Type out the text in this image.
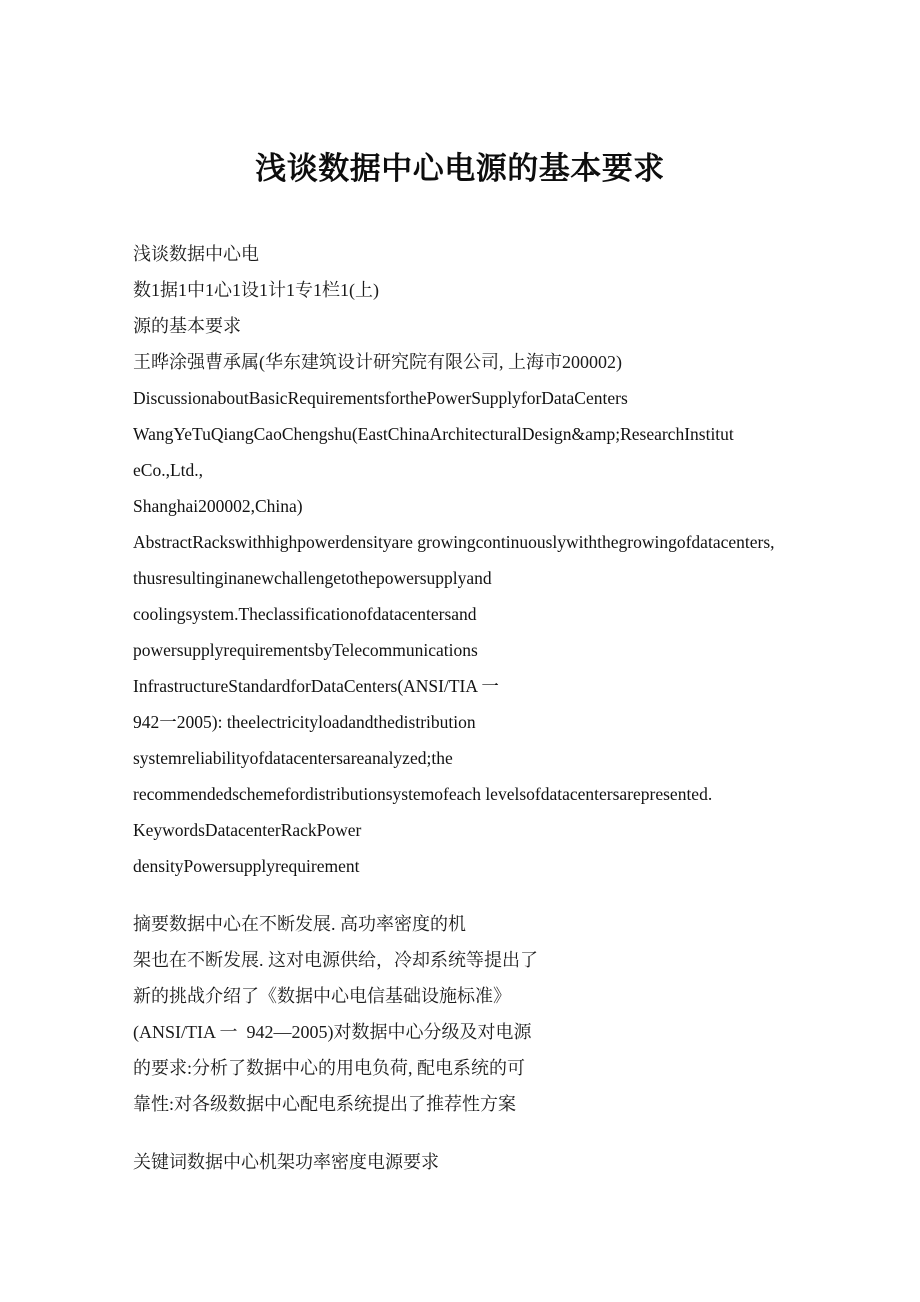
浅谈数据中心电源的基本要求
浅谈数据中心电
数1据1中1心1设1计1专1栏1(上)
源的基本要求
王晔涂强曹承属(华东建筑设计研究院有限公司, 上海市200002)
DiscussionaboutBasicRequirementsforthePowerSupplyforDataCenters
WangYeTuQiangCaoChengshu(EastChinaArchitecturalDesign&amp;ResearchInstitut
eCo.,Ltd.,
Shanghai200002,China)
AbstractRackswithhighpowerdensityare growingcontinuouslywiththegrowingofdatacenters,
thusresultinginanewchallengetothepowersupplyand
coolingsystem.Theclassificationofdatacentersand
powersupplyrequirementsbyTelecommunications
InfrastructureStandardforDataCenters(ANSI/TIA 一
942一2005): theelectricityloadandthedistribution
systemreliabilityofdatacentersareanalyzed;the
recommendedschemefordistributionsystemofeach levelsofdatacentersarepresented.
KeywordsDatacenterRackPower
densityPowersupplyrequirement
摘要数据中心在不断发展. 高功率密度的机
架也在不断发展. 这对电源供给，冷却系统等提出了
新的挑战介绍了《数据中心电信基础设施标准》
(ANSI/TIA 一  942—2005)对数据中心分级及对电源
的要求:分析了数据中心的用电负荷, 配电系统的可
靠性:对各级数据中心配电系统提出了推荐性方案
关键词数据中心机架功率密度电源要求
